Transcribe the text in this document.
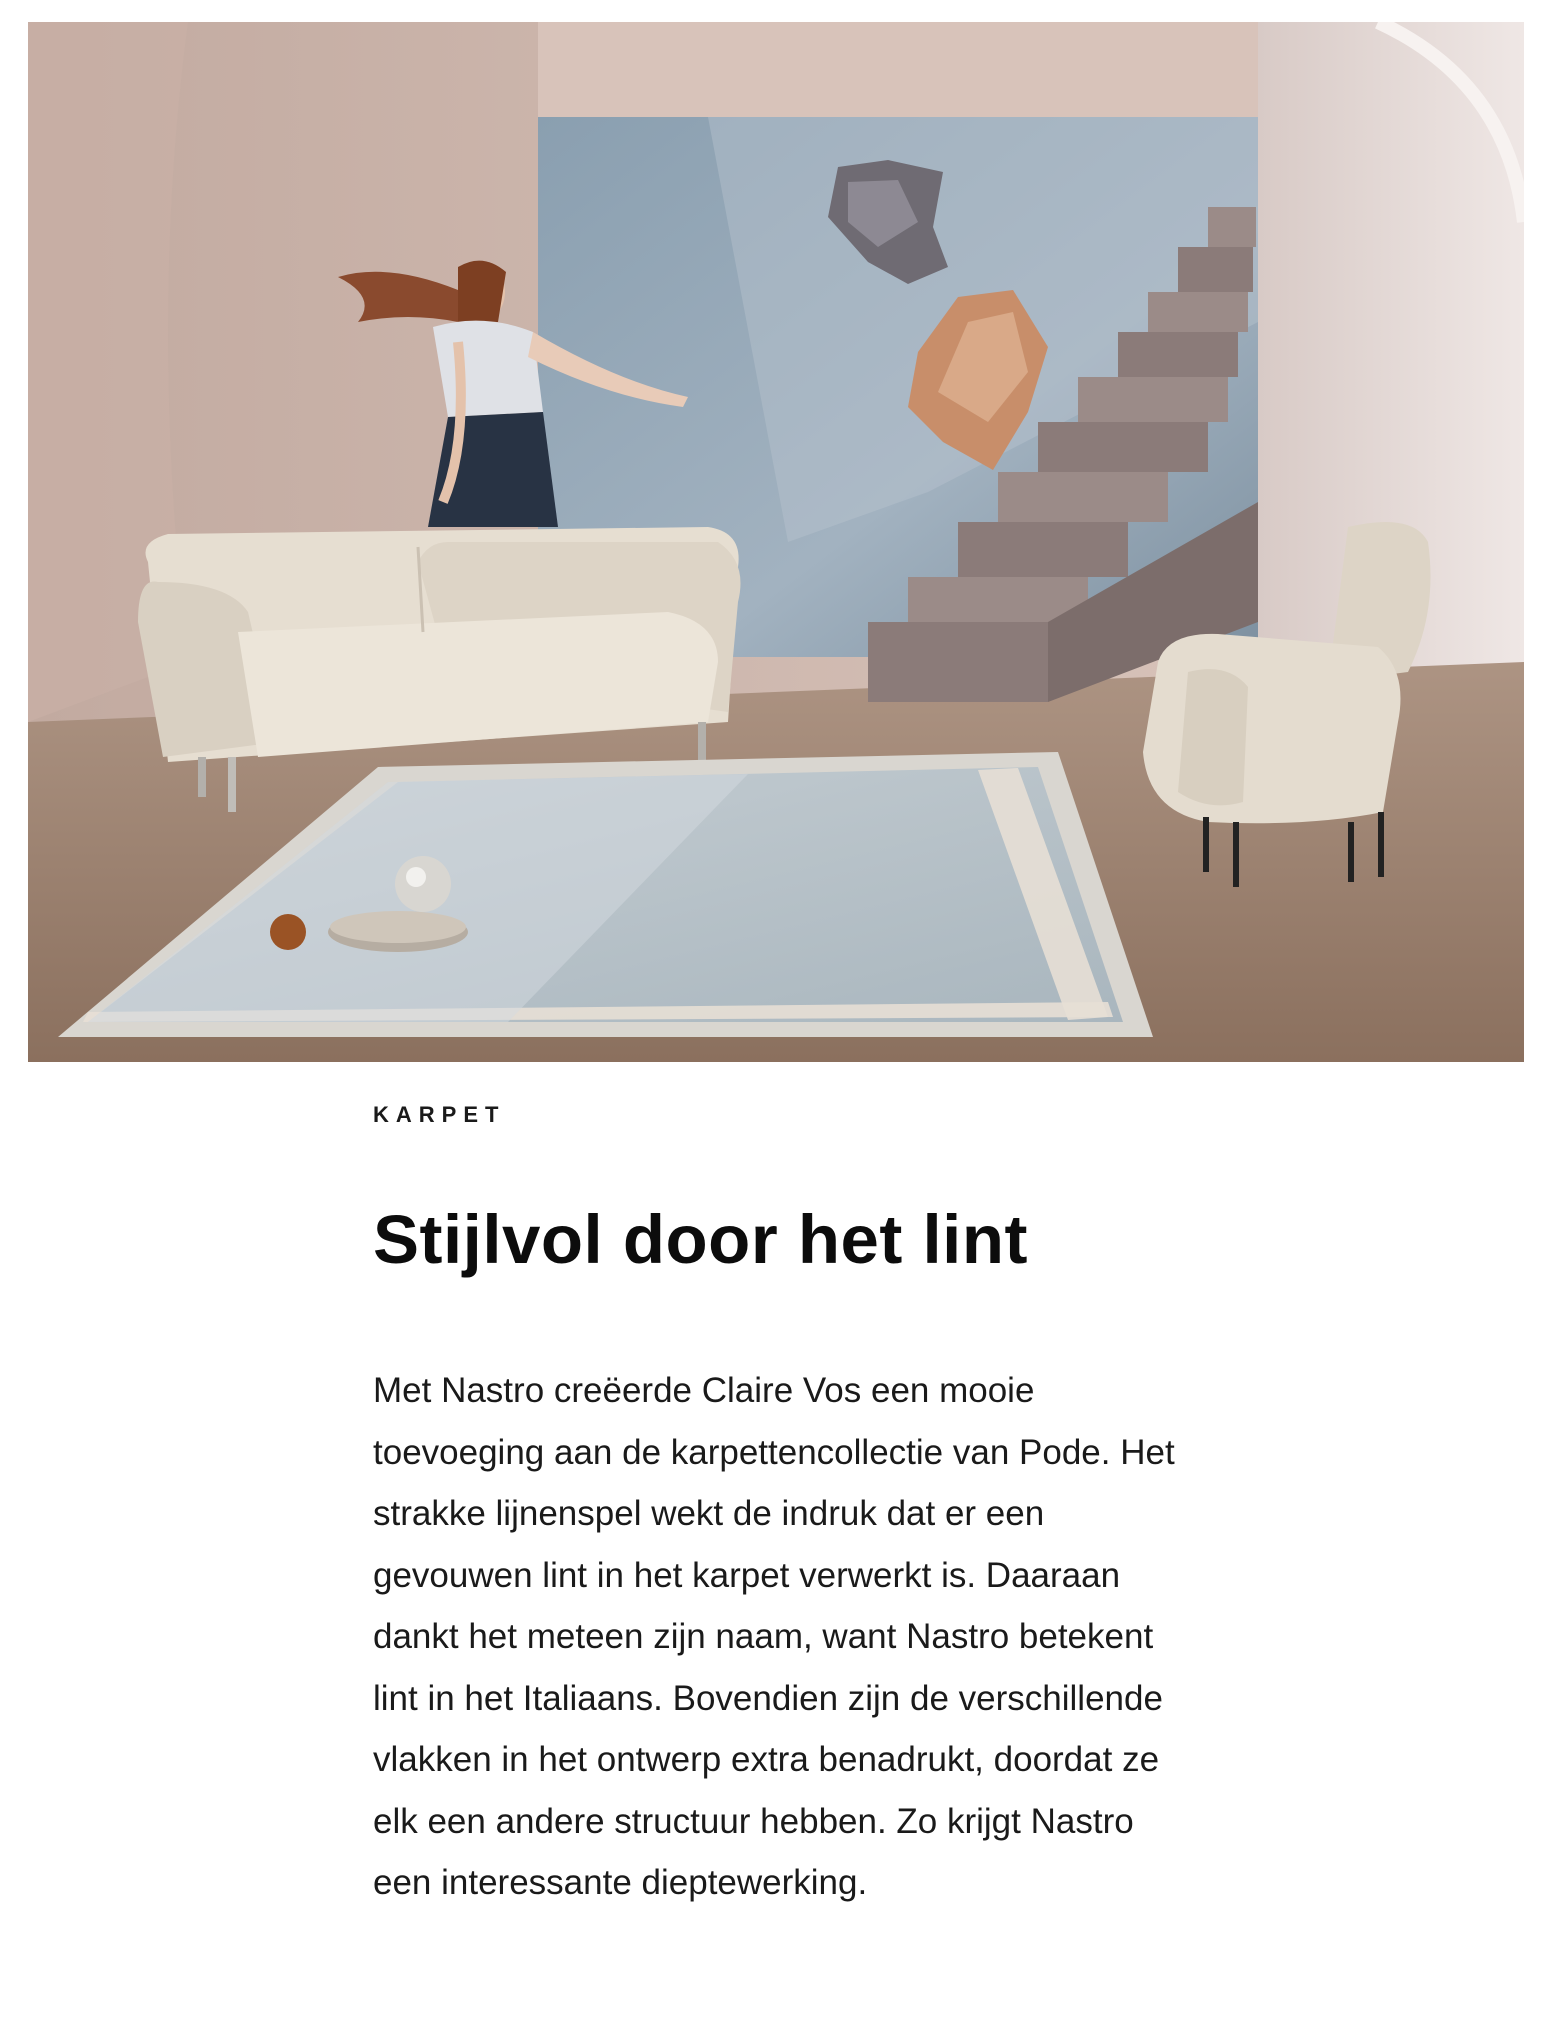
KARPET

Stijlvol door het lint

Met Nastro creëerde Claire Vos een mooie toevoeging aan de karpettencollectie van Pode. Het strakke lijnenspel wekt de indruk dat er een gevouwen lint in het karpet verwerkt is. Daaraan dankt het meteen zijn naam, want Nastro betekent lint in het Italiaans. Bovendien zijn de verschillende vlakken in het ontwerp extra benadrukt, doordat ze elk een andere structuur hebben. Zo krijgt Nastro een interessante dieptewerking.
